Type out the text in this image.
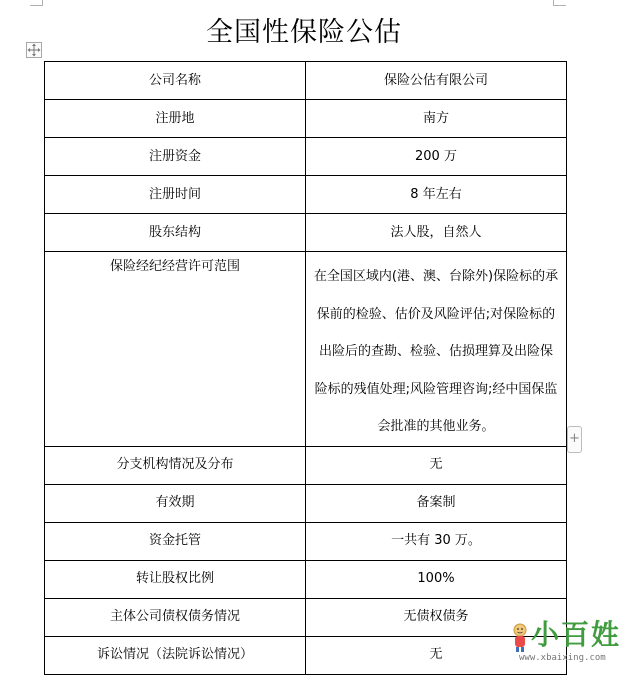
全国性保险公估
公司名称	保险公估有限公司
注册地	南方
注册资金	200 万
注册时间	8 年左右
股东结构	法人股，自然人
保险经纪经营许可范围	在全国区域内(港、澳、台除外)保险标的承保前的检验、估价及风险评估;对保险标的出险后的查勘、检验、估损理算及出险保险标的残值处理;风险管理咨询;经中国保监会批准的其他业务。
分支机构情况及分布	无
有效期	备案制
资金托管	一共有 30 万。
转让股权比例	100%
主体公司债权债务情况	无债权债务
诉讼情况（法院诉讼情况）	无
+
小百姓
www.xbaixing.com
